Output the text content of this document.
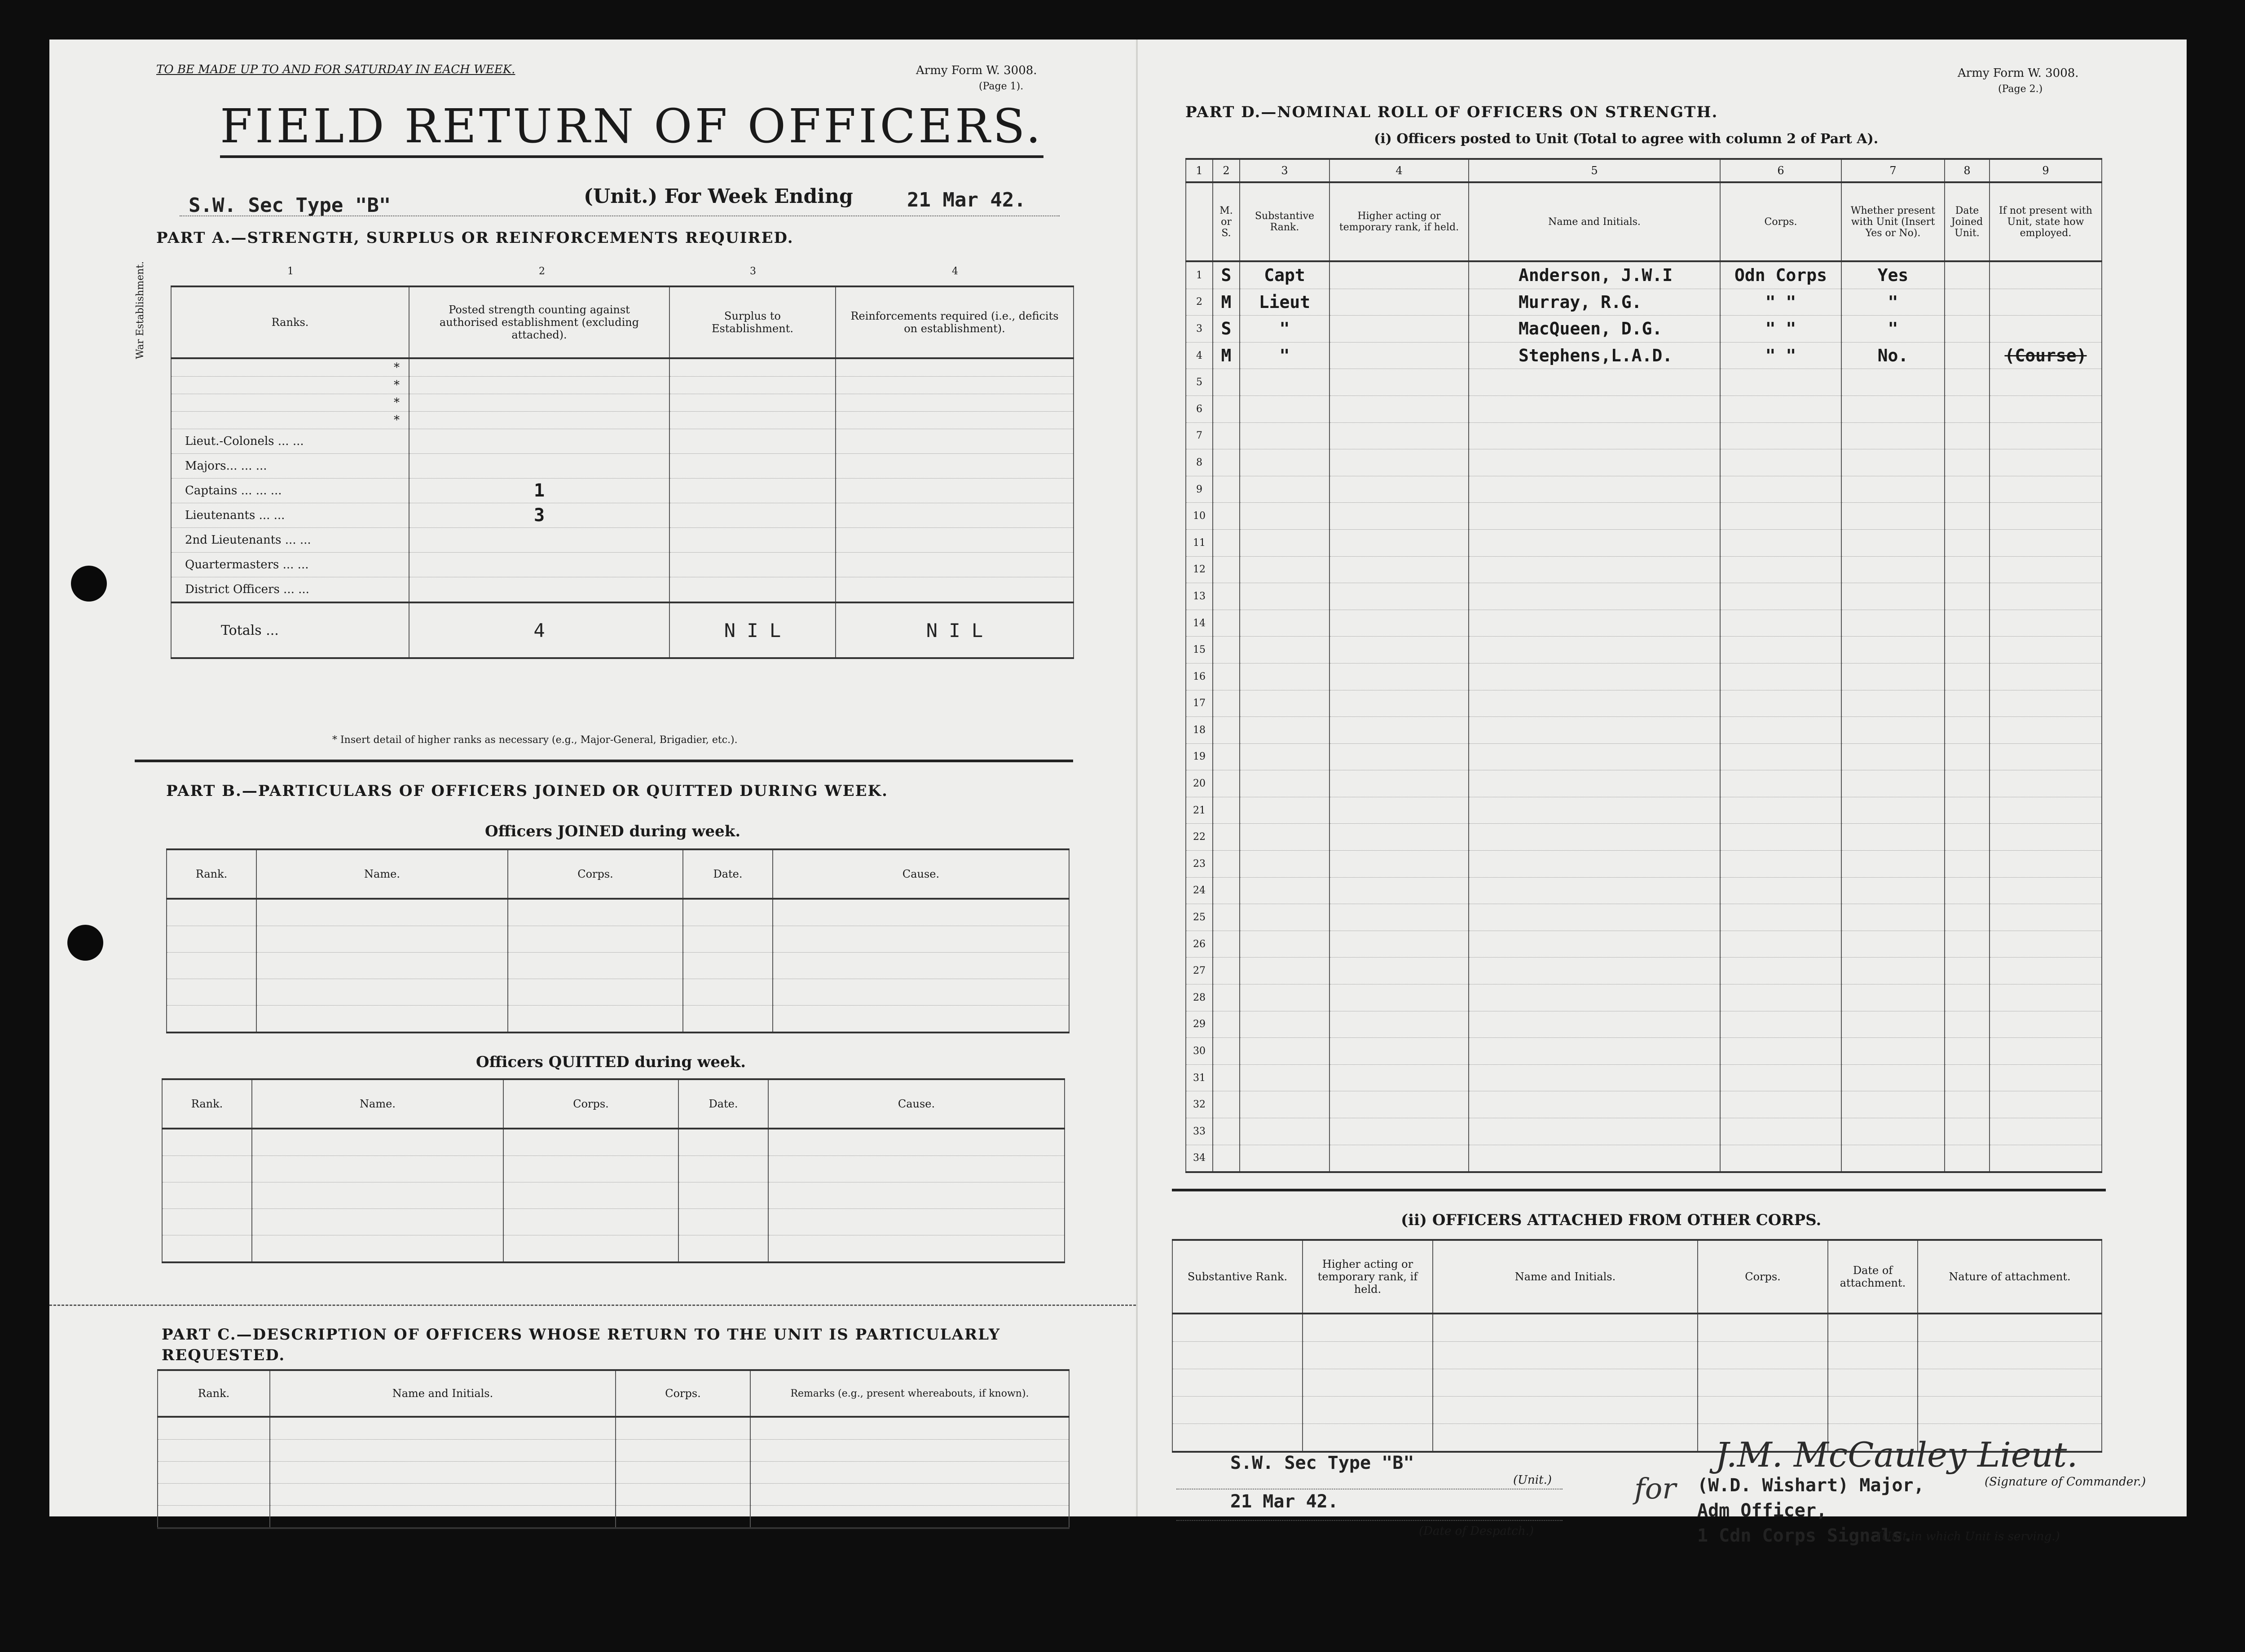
TO BE MADE UP TO AND FOR SATURDAY IN EACH WEEK.	Army Form W. 3008.
(Page 1).
FIELD RETURN OF OFFICERS.
S.W. Sec Type "B"	(Unit.) For Week Ending	21 Mar 42.
PART A.—STRENGTH, SURPLUS OR REINFORCEMENTS REQUIRED.
1	2	3	4
War Establishment.	Ranks.	Posted strength counting against authorised establishment (excluding attached).	Surplus to Establishment.	Reinforcements required (i.e., deficits on establishment).
*			
*			
*			
*			
Lieut.-Colonels ... ...			
Majors... ... ...			
Captains ... ... ...	1		
Lieutenants ... ...	3		
2nd Lieutenants ... ...			
Quartermasters ... ...			
District Officers ... ...			
Totals ...	4	N I L	N I L
* Insert detail of higher ranks as necessary (e.g., Major-General, Brigadier, etc.).
PART B.—PARTICULARS OF OFFICERS JOINED OR QUITTED DURING WEEK.
Officers JOINED during week.
Rank.	Name.	Corps.	Date.	Cause.

Officers QUITTED during week.
Rank.	Name.	Corps.	Date.	Cause.

PART C.—DESCRIPTION OF OFFICERS WHOSE RETURN TO THE UNIT IS PARTICULARLY REQUESTED.
Rank.	Name and Initials.	Corps.	Remarks (e.g., present whereabouts, if known).

Army Form W. 3008.
(Page 2.)
PART D.—NOMINAL ROLL OF OFFICERS ON STRENGTH.
(i) Officers posted to Unit (Total to agree with column 2 of Part A).
1	2	3	4	5	6	7	8	9
	M. or S.	Substantive Rank.	Higher acting or temporary rank, if held.	Name and Initials.	Corps.	Whether present with Unit (Insert Yes or No).	Date Joined Unit.	If not present with Unit, state how employed.
1	S	Capt		Anderson, J.W.I	Odn Corps	Yes		
2	M	Lieut		Murray, R.G.	" "	"		
3	S	"		MacQueen, D.G.	" "	"		
4	M	"		Stephens,L.A.D.	" "	No.		(Course)
5								
6								
7								
8								
9								
10								
11								
12								
13								
14								
15								
16								
17								
18								
19								
20								
21								
22								
23								
24								
25								
26								
27								
28								
29								
30								
31								
32								
33								
34								
(ii) OFFICERS ATTACHED FROM OTHER CORPS.
Substantive Rank.	Higher acting or temporary rank, if held.	Name and Initials.	Corps.	Date of attachment.	Nature of attachment.

S.W. Sec Type "B"
(Unit.)
21 Mar 42.
(Date of Despatch.)
for
J.M. McCauley Lieut.
(Signature of Commander.)
(W.D. Wishart) Major,
Adm Officer,
1 Cdn Corps Signals.
(Unit in which Unit is serving.)
